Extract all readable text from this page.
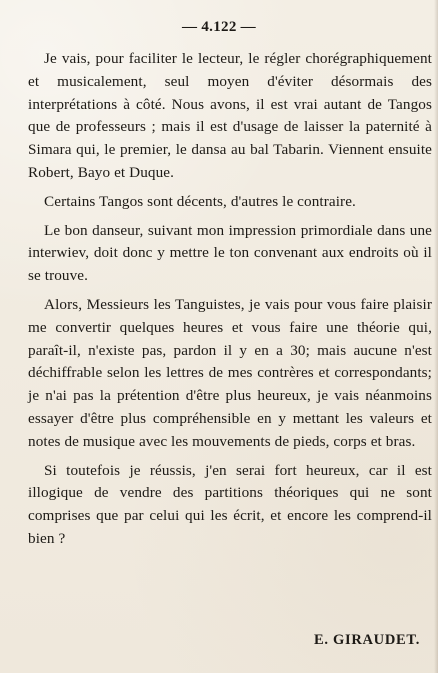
— 4.122 —

Je vais, pour faciliter le lecteur, le régler chorégraphiquement et musicalement, seul moyen d'éviter désormais des interprétations à côté. Nous avons, il est vrai autant de Tangos que de professeurs ; mais il est d'usage de laisser la paternité à Simara qui, le premier, le dansa au bal Tabarin. Viennent ensuite Robert, Bayo et Duque.

Certains Tangos sont décents, d'autres le contraire.

Le bon danseur, suivant mon impression primordiale dans une interwiev, doit donc y mettre le ton convenant aux endroits où il se trouve.

Alors, Messieurs les Tanguistes, je vais pour vous faire plaisir me convertir quelques heures et vous faire une théorie qui, paraît-il, n'existe pas, pardon il y en a 30; mais aucune n'est déchiffrable selon les lettres de mes contrères et correspondants; je n'ai pas la prétention d'être plus heureux, je vais néanmoins essayer d'être plus compréhensible en y mettant les valeurs et notes de musique avec les mouvements de pieds, corps et bras.

Si toutefois je réussis, j'en serai fort heureux, car il est illogique de vendre des partitions théoriques qui ne sont comprises que par celui qui les écrit, et encore les comprend-il bien ?

E. GIRAUDET.
